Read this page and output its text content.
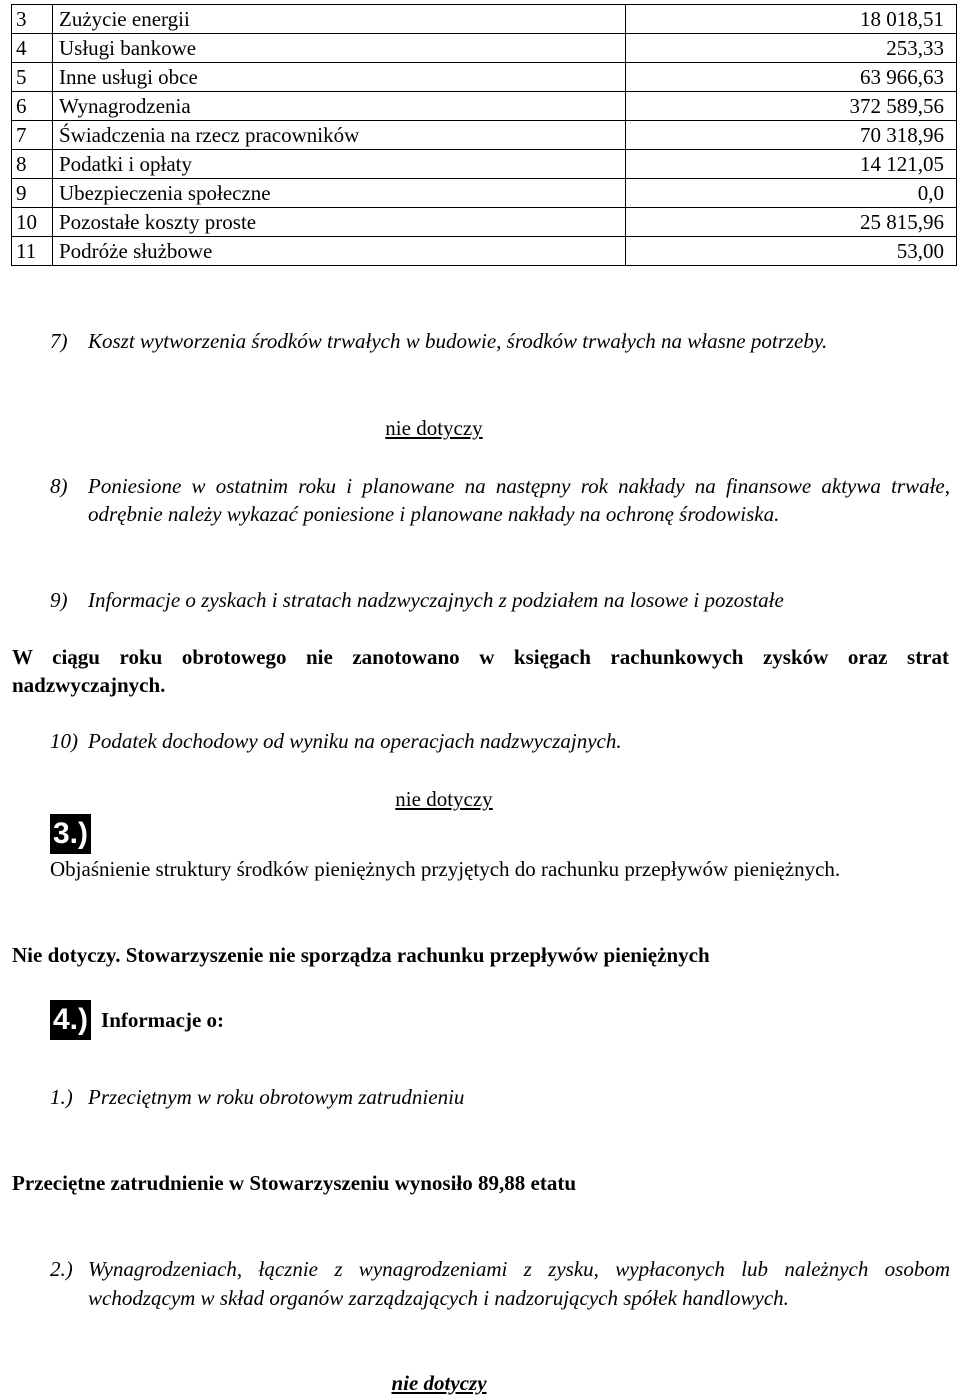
3	Zużycie energii	18 018,51
4	Usługi bankowe	253,33
5	Inne usługi obce	63 966,63
6	Wynagrodzenia	372 589,56
7	Świadczenia na rzecz pracowników	70 318,96
8	Podatki i opłaty	14 121,05
9	Ubezpieczenia społeczne	0,0
10	Pozostałe koszty proste	25 815,96
11	Podróże służbowe	53,00
7) Koszt wytworzenia środków trwałych w budowie, środków trwałych na własne potrzeby.
nie dotyczy
8) Poniesione w ostatnim roku i planowane na następny rok nakłady na finansowe aktywa trwałe, odrębnie należy wykazać poniesione i planowane nakłady na ochronę środowiska.
9) Informacje o zyskach i stratach nadzwyczajnych z podziałem na losowe i pozostałe
W ciągu roku obrotowego nie zanotowano w księgach rachunkowych zysków oraz strat nadzwyczajnych.
10) Podatek dochodowy od wyniku na operacjach nadzwyczajnych.
nie dotyczy
3.)
Objaśnienie struktury środków pieniężnych przyjętych do rachunku przepływów pieniężnych.
Nie dotyczy. Stowarzyszenie nie sporządza rachunku przepływów pieniężnych
4.) Informacje o:
1.) Przeciętnym w roku obrotowym zatrudnieniu
Przeciętne zatrudnienie w Stowarzyszeniu wynosiło 89,88 etatu
2.) Wynagrodzeniach, łącznie z wynagrodzeniami z zysku, wypłaconych lub należnych osobom wchodzącym w skład organów zarządzających i nadzorujących spółek handlowych.
nie dotyczy
